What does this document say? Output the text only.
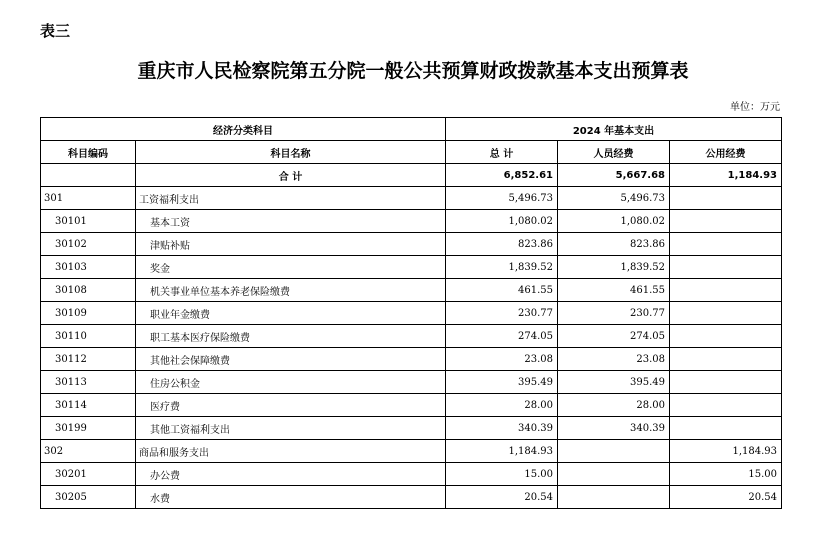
表三
重庆市人民检察院第五分院一般公共预算财政拨款基本支出预算表
单位：万元
经济分类科目		2024 年基本支出		
科目编码	科目名称	总 计	人员经费	公用经费
	合 计	6,852.61	5,667.68	1,184.93
301	工资福利支出	5,496.73	5,496.73	
30101	基本工资	1,080.02	1,080.02	
30102	津贴补贴	823.86	823.86	
30103	奖金	1,839.52	1,839.52	
30108	机关事业单位基本养老保险缴费	461.55	461.55	
30109	职业年金缴费	230.77	230.77	
30110	职工基本医疗保险缴费	274.05	274.05	
30112	其他社会保障缴费	23.08	23.08	
30113	住房公积金	395.49	395.49	
30114	医疗费	28.00	28.00	
30199	其他工资福利支出	340.39	340.39	
302	商品和服务支出	1,184.93		1,184.93
30201	办公费	15.00		15.00
30205	水费	20.54		20.54
